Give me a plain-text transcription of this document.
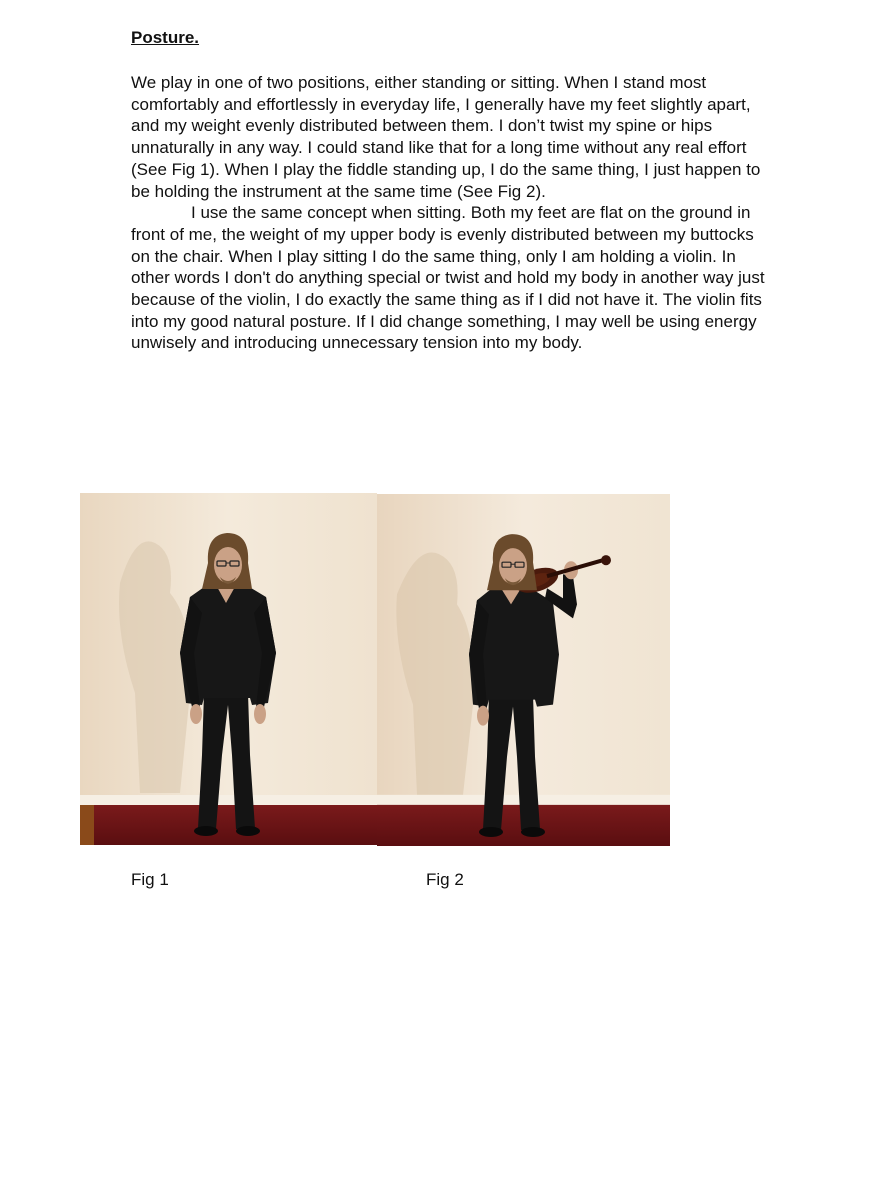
Posture.

We play in one of two positions, either standing or sitting. When I stand most comfortably and effortlessly in everyday life, I generally have my feet slightly apart, and my weight evenly distributed between them. I don’t twist my spine or hips unnaturally in any way. I could stand like that for a long time without any real effort (See Fig 1). When I play the fiddle standing up, I do the same thing, I just happen to be holding the instrument at the same time (See Fig 2).

I use the same concept when sitting. Both my feet are flat on the ground in front of me, the weight of my upper body is evenly distributed between my buttocks on the chair. When I play sitting I do the same thing, only I am holding a violin. In other words I don't do anything special or twist and hold my body in another way just because of the violin, I do exactly the same thing as if I did not have it. The violin fits into my good natural posture. If I did change something, I may well be using energy unwisely and introducing unnecessary tension into my body.

Fig 1	Fig 2
